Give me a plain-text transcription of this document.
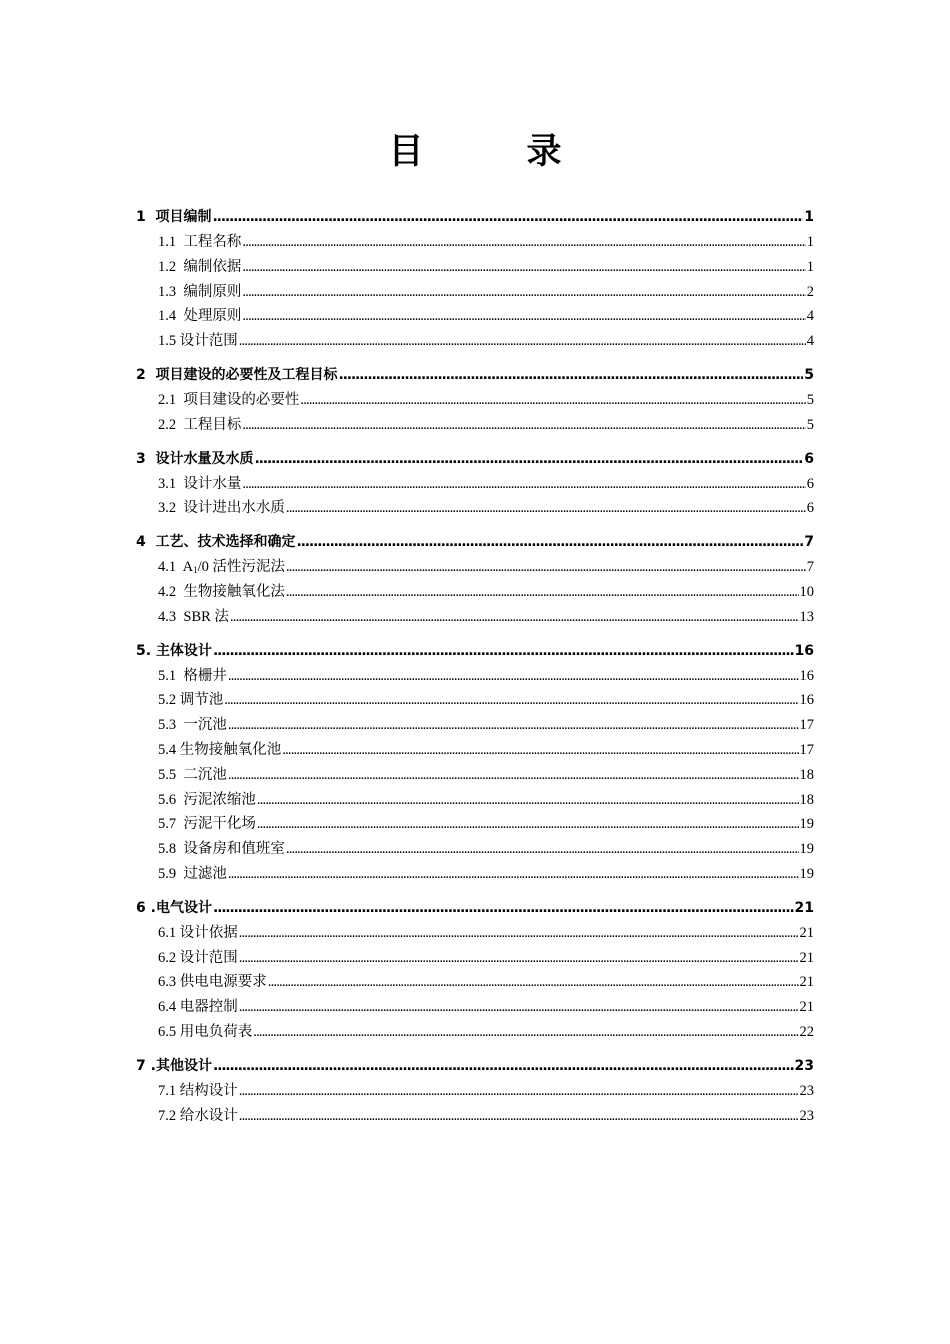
目　录
1 项目编制 .....	1
1.1 工程名称 .....	1
1.2 编制依据 .....	1
1.3 编制原则 .....	2
1.4 处理原则 .....	4
1.5 设计范围 .....	4
2 项目建设的必要性及工程目标 .....	5
2.1 项目建设的必要性 .....	5
2.2 工程目标 .....	5
3 设计水量及水质 .....	6
3.1 设计水量 .....	6
3.2 设计进出水水质 .....	6
4 工艺、技术选择和确定 .....	7
4.1 $A_1/0$ 活性污泥法 .....	7
4.2 生物接触氧化法 .....	10
4.3 SBR 法 .....	13
5. 主体设计 .....	16
5.1 格栅井 .....	16
5.2 调节池 .....	16
5.3 一沉池 .....	17
5.4 生物接触氧化池 .....	17
5.5 二沉池 .....	18
5.6 污泥浓缩池 .....	18
5.7 污泥干化场 .....	19
5.8 设备房和值班室 .....	19
5.9 过滤池 .....	19
6 .电气设计 .....	21
6.1 设计依据 .....	21
6.2 设计范围 .....	21
6.3 供电电源要求 .....	21
6.4 电器控制 .....	21
6.5 用电负荷表 .....	22
7 .其他设计 .....	23
7.1 结构设计 .....	23
7.2 给水设计 .....	23
